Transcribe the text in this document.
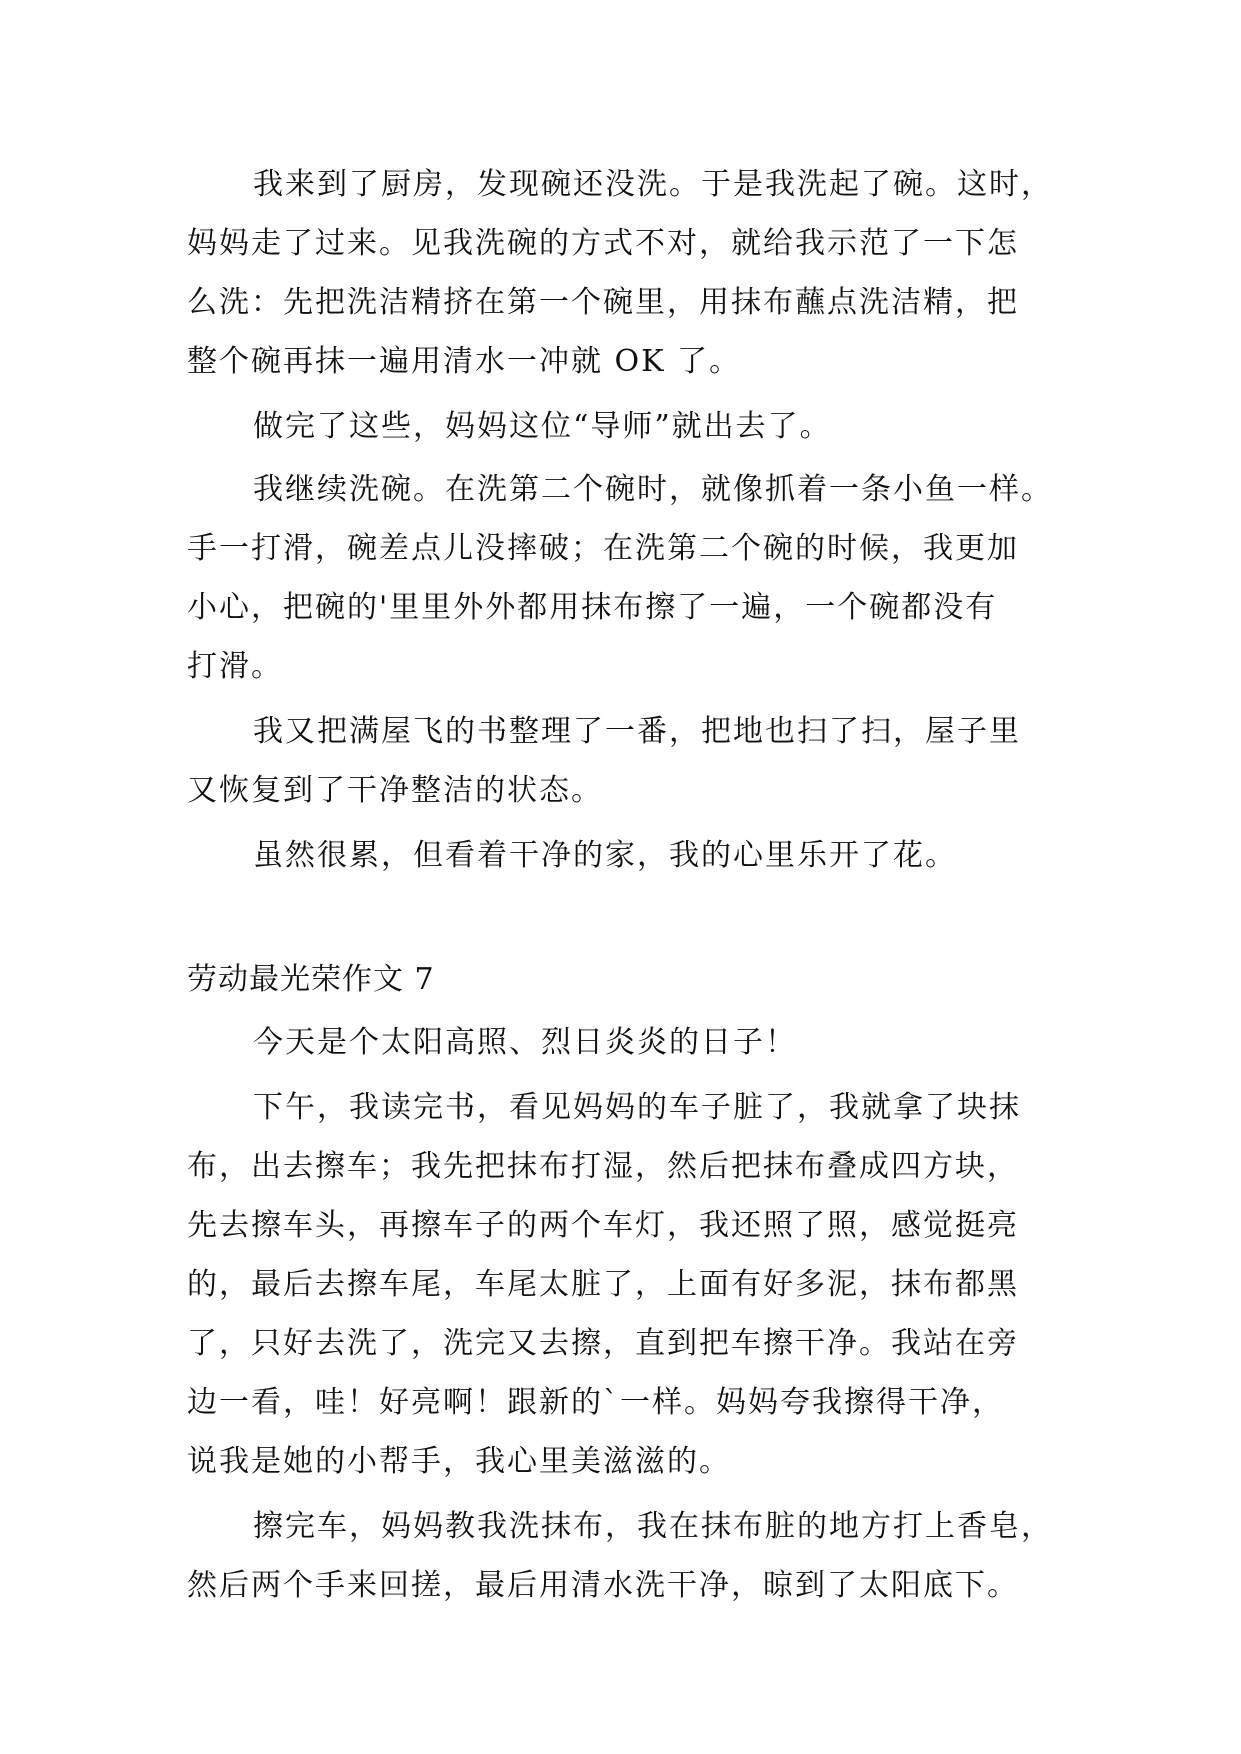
我来到了厨房，发现碗还没洗。于是我洗起了碗。这时，
妈妈走了过来。见我洗碗的方式不对，就给我示范了一下怎
么洗：先把洗洁精挤在第一个碗里，用抹布蘸点洗洁精，把
整个碗再抹一遍用清水一冲就 OK 了。
做完了这些，妈妈这位“导师”就出去了。
我继续洗碗。在洗第二个碗时，就像抓着一条小鱼一样。
手一打滑，碗差点儿没摔破；在洗第二个碗的时候，我更加
小心，把碗的'里里外外都用抹布擦了一遍，一个碗都没有
打滑。
我又把满屋飞的书整理了一番，把地也扫了扫，屋子里
又恢复到了干净整洁的状态。
虽然很累，但看着干净的家，我的心里乐开了花。
劳动最光荣作文 7
今天是个太阳高照、烈日炎炎的日子！
下午，我读完书，看见妈妈的车子脏了，我就拿了块抹
布，出去擦车；我先把抹布打湿，然后把抹布叠成四方块，
先去擦车头，再擦车子的两个车灯，我还照了照，感觉挺亮
的，最后去擦车尾，车尾太脏了，上面有好多泥，抹布都黑
了，只好去洗了，洗完又去擦，直到把车擦干净。我站在旁
边一看，哇！好亮啊！跟新的`一样。妈妈夸我擦得干净，
说我是她的小帮手，我心里美滋滋的。
擦完车，妈妈教我洗抹布，我在抹布脏的地方打上香皂，
然后两个手来回搓，最后用清水洗干净，晾到了太阳底下。
